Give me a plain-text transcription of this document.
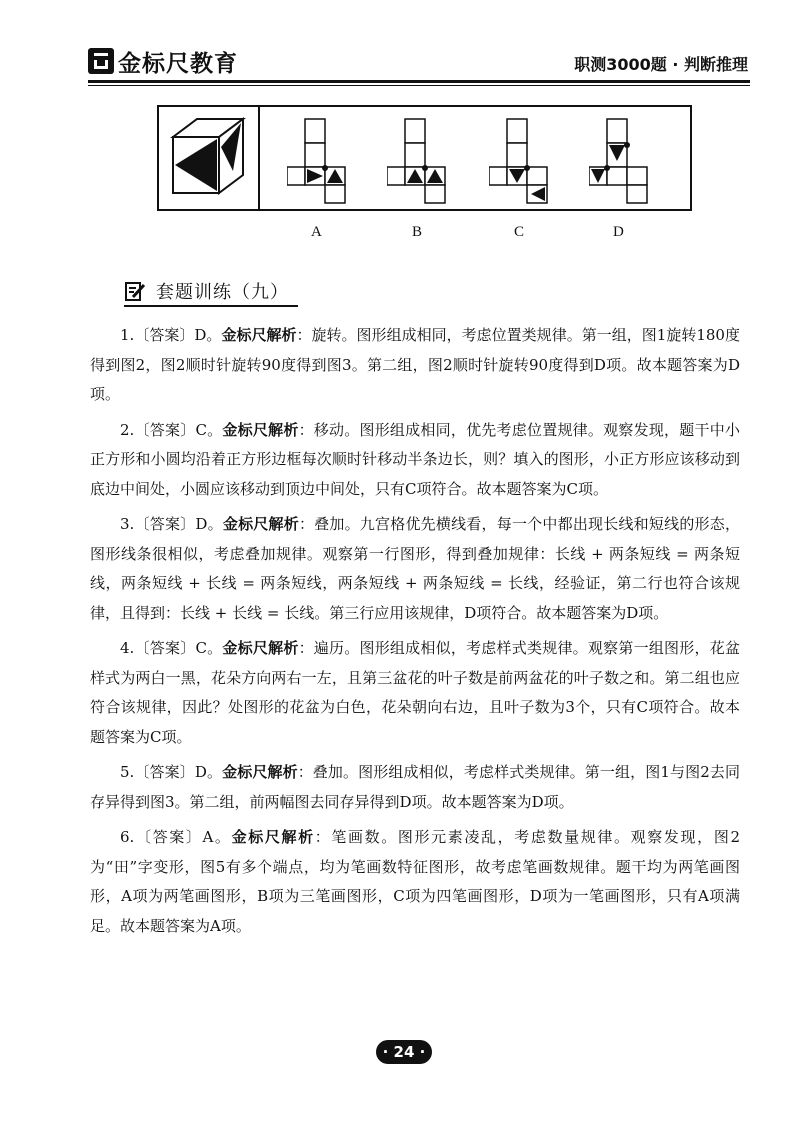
金标尺教育	职测3000题 · 判断推理
A	B	C	D
套题训练（九）

1.〔答案〕D。金标尺解析：旋转。图形组成相同，考虑位置类规律。第一组，图1旋转180度得到图2，图2顺时针旋转90度得到图3。第二组，图2顺时针旋转90度得到D项。故本题答案为D项。

2.〔答案〕C。金标尺解析：移动。图形组成相同，优先考虑位置规律。观察发现，题干中小正方形和小圆均沿着正方形边框每次顺时针移动半条边长，则？填入的图形，小正方形应该移动到底边中间处，小圆应该移动到顶边中间处，只有C项符合。故本题答案为C项。

3.〔答案〕D。金标尺解析：叠加。九宫格优先横线看，每一个中都出现长线和短线的形态，图形线条很相似，考虑叠加规律。观察第一行图形，得到叠加规律：长线 + 两条短线 = 两条短线，两条短线 + 长线 = 两条短线，两条短线 + 两条短线 = 长线，经验证，第二行也符合该规律，且得到：长线 + 长线 = 长线。第三行应用该规律，D项符合。故本题答案为D项。

4.〔答案〕C。金标尺解析：遍历。图形组成相似，考虑样式类规律。观察第一组图形，花盆样式为两白一黑，花朵方向两右一左，且第三盆花的叶子数是前两盆花的叶子数之和。第二组也应符合该规律，因此？处图形的花盆为白色，花朵朝向右边，且叶子数为3个，只有C项符合。故本题答案为C项。

5.〔答案〕D。金标尺解析：叠加。图形组成相似，考虑样式类规律。第一组，图1与图2去同存异得到图3。第二组，前两幅图去同存异得到D项。故本题答案为D项。

6.〔答案〕A。金标尺解析：笔画数。图形元素凌乱，考虑数量规律。观察发现，图2为“田”字变形，图5有多个端点，均为笔画数特征图形，故考虑笔画数规律。题干均为两笔画图形，A项为两笔画图形，B项为三笔画图形，C项为四笔画图形，D项为一笔画图形，只有A项满足。故本题答案为A项。

· 24 ·
